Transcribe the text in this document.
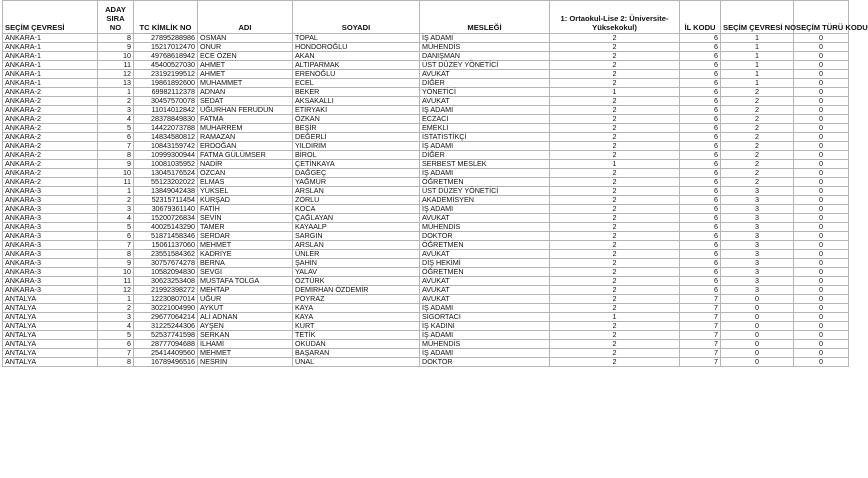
SEÇİM ÇEVRESİ	ADAY SIRA NO	TC KİMLİK NO	ADI	SOYADI	MESLEĞİ	1: Ortaokul-Lise 2: Üniversite-Yüksekokul)	İL KODU	SEÇİM ÇEVRESİ NO	SEÇİM TÜRÜ KODU
ANKARA-1	8	27895288986	OSMAN	TOPAL	İŞ ADAMI	2	6	1	0
ANKARA-1	9	15217012470	ONUR	HONDOROĞLU	MÜHENDİS	2	6	1	0
ANKARA-1	10	49768618942	ECE ÖZEN	AKAN	DANIŞMAN	2	6	1	0
ANKARA-1	11	45400527030	AHMET	ALTIPARMAK	ÜST DÜZEY YÖNETİCİ	2	6	1	0
ANKARA-1	12	23192199512	AHMET	ERENOĞLU	AVUKAT	2	6	1	0
ANKARA-1	13	19861892600	MUHAMMET	ECEL	DİĞER	2	6	1	0
ANKARA-2	1	69982112378	ADNAN	BEKER	YÖNETİCİ	1	6	2	0
ANKARA-2	2	30457570078	SEDAT	AKSAKALLI	AVUKAT	2	6	2	0
ANKARA-2	3	11014012842	UĞURHAN FERUDUN	ETİRYAKİ	İŞ ADAMI	2	6	2	0
ANKARA-2	4	28378849830	FATMA	ÖZKAN	ECZACI	2	6	2	0
ANKARA-2	5	14422073788	MUHARREM	BEŞİR	EMEKLİ	2	6	2	0
ANKARA-2	6	14834580812	RAMAZAN	DEĞERLİ	İSTATİSTİKÇİ	2	6	2	0
ANKARA-2	7	10843159742	ERDOĞAN	YILDIRIM	İŞ ADAMI	2	6	2	0
ANKARA-2	8	10999300944	FATMA GÜLÜMSER	BİROL	DİĞER	2	6	2	0
ANKARA-2	9	10081035952	NADİR	ÇETİNKAYA	SERBEST MESLEK	1	6	2	0
ANKARA-2	10	13045176524	ÖZCAN	DAĞGEÇ	İŞ ADAMI	2	6	2	0
ANKARA-2	11	55123202022	ELMAS	YAĞMUR	ÖĞRETMEN	2	6	2	0
ANKARA-3	1	13849042438	YÜKSEL	ARSLAN	ÜST DÜZEY YÖNETİCİ	2	6	3	0
ANKARA-3	2	52315711454	KÜRŞAD	ZORLU	AKADEMİSYEN	2	6	3	0
ANKARA-3	3	30679361140	FATİH	KOCA	İŞ ADAMI	2	6	3	0
ANKARA-3	4	15200726834	SEVİN	ÇAĞLAYAN	AVUKAT	2	6	3	0
ANKARA-3	5	40025143290	TAMER	KAYAALP	MÜHENDİS	2	6	3	0
ANKARA-3	6	51871458346	SERDAR	SARGIN	DOKTOR	2	6	3	0
ANKARA-3	7	15061137060	MEHMET	ARSLAN	ÖĞRETMEN	2	6	3	0
ANKARA-3	8	23551584362	KADRİYE	ÜNLER	AVUKAT	2	6	3	0
ANKARA-3	9	30757674278	BERNA	ŞAHİN	DİŞ HEKİMİ	2	6	3	0
ANKARA-3	10	10582094830	SEVGİ	YALAV	ÖĞRETMEN	2	6	3	0
ANKARA-3	11	30623253408	MUSTAFA TOLGA	ÖZTÜRK	AVUKAT	2	6	3	0
ANKARA-3	12	21992398272	MEHTAP	DEMİRHAN ÖZDEMİR	AVUKAT	2	6	3	0
ANTALYA	1	12230807014	UĞUR	POYRAZ	AVUKAT	2	7	0	0
ANTALYA	2	30221004990	AYKUT	KAYA	İŞ ADAMI	2	7	0	0
ANTALYA	3	29677064214	ALİ ADNAN	KAYA	SİGORTACI	1	7	0	0
ANTALYA	4	31225244306	AYŞEN	KURT	İŞ KADINI	2	7	0	0
ANTALYA	5	52537741598	SERKAN	TETİK	İŞ ADAMI	2	7	0	0
ANTALYA	6	28777094688	İLHAMİ	OKUDAN	MÜHENDİS	2	7	0	0
ANTALYA	7	25414409560	MEHMET	BAŞARAN	İŞ ADAMI	2	7	0	0
ANTALYA	8	16789496516	NESRİN	ÜNAL	DOKTOR	2	7	0	0
